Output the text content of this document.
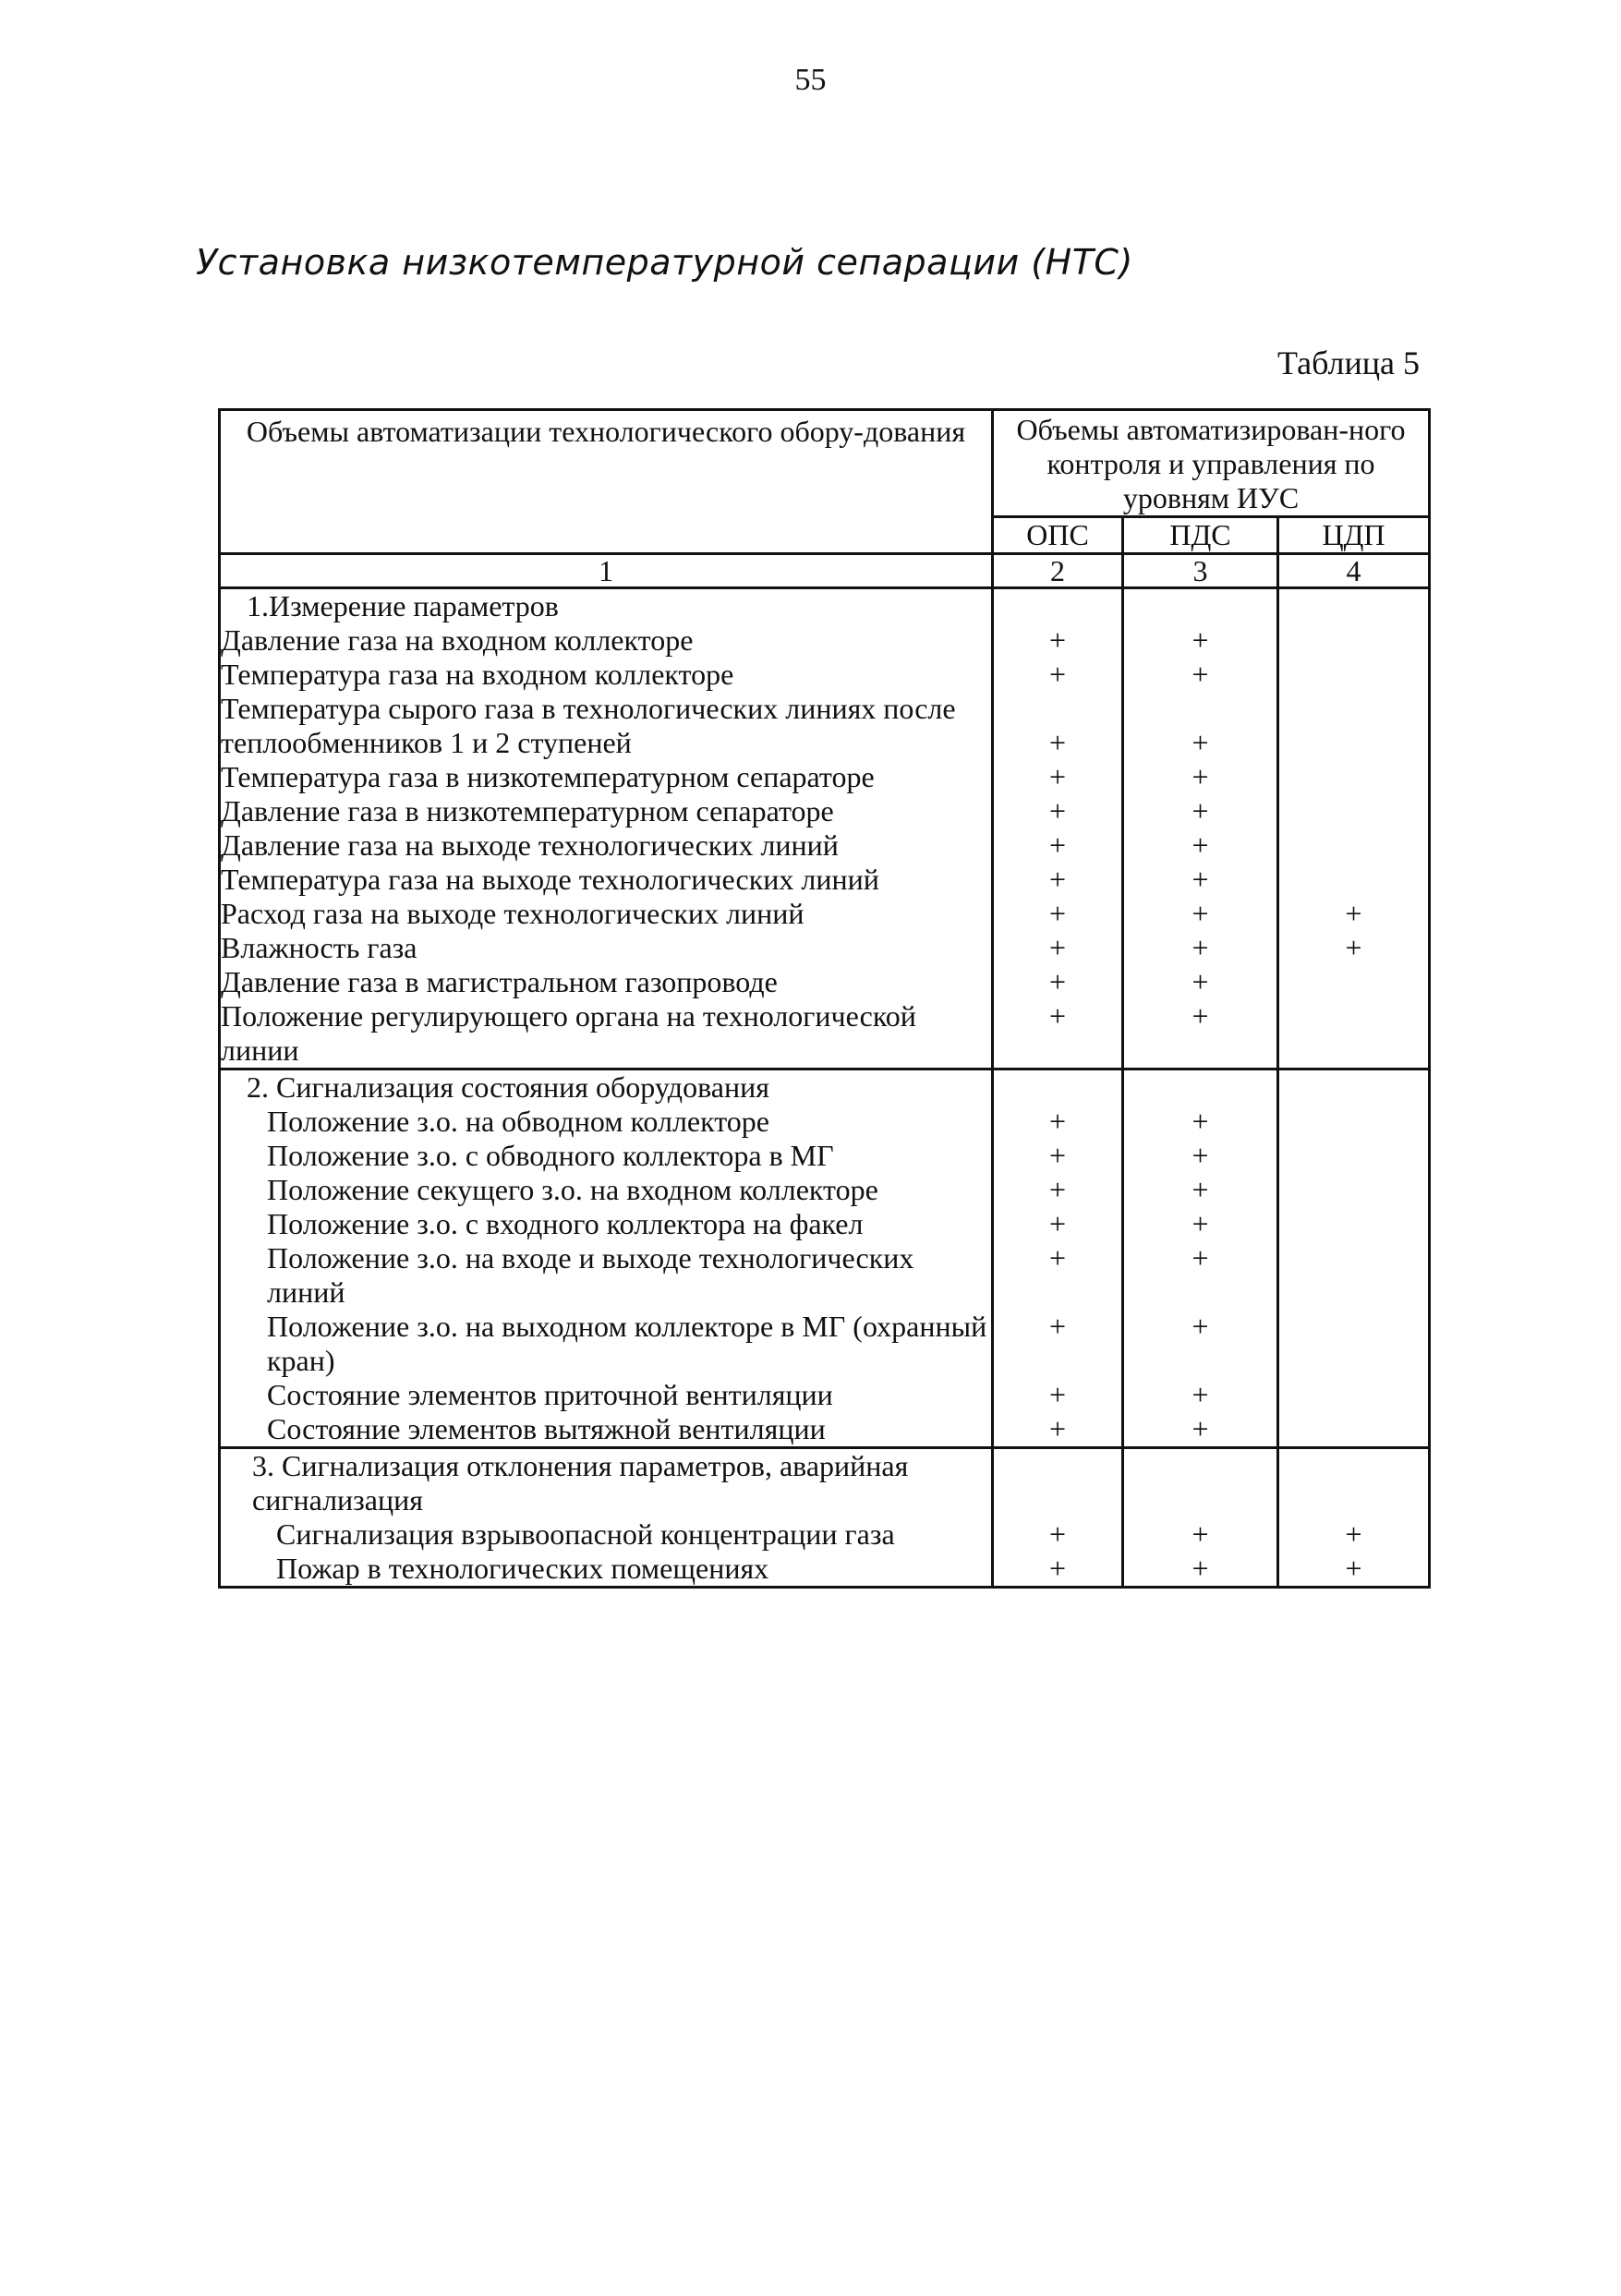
55
Установка низкотемпературной сепарации (НТС)
Таблица 5
Объемы автоматизации технологического обору-дования	Объемы автоматизирован-ного контроля и управления по уровням ИУС		

	ОПС	ПДС	ЦДП
1	2	3	4
1.Измерение параметров			
Давление газа на входном коллекторе	+	+	
Температура газа на входном коллекторе	+	+	
Температура сырого газа в технологических линиях после теплообменников 1 и 2 ступеней	+	+	
Температура газа в низкотемпературном сепараторе	+	+	
Давление газа в низкотемпературном сепараторе	+	+	
Давление газа на выходе технологических линий	+	+	
Температура газа на выходе технологических линий	+	+	
Расход газа на выходе технологических линий	+	+	+
Влажность газа	+	+	+
Давление газа в магистральном газопроводе	+	+	
Положение регулирующего органа на технологической линии	+	+	
2. Сигнализация состояния оборудования			
Положение з.о. на обводном коллекторе	+	+	
Положение з.о. с обводного коллектора в МГ	+	+	
Положение секущего з.о. на входном коллекторе	+	+	
Положение з.о. с входного коллектора на факел	+	+	
Положение з.о. на входе и выходе технологических линий	+	+	
Положение з.о. на выходном коллекторе в МГ (охранный кран)	+	+	
Состояние элементов приточной вентиляции	+	+	
Состояние элементов вытяжной вентиляции	+	+	
3. Сигнализация отклонения параметров, аварийная сигнализация			
Сигнализация взрывоопасной концентрации газа	+	+	+
Пожар в технологических помещениях	+	+	+
